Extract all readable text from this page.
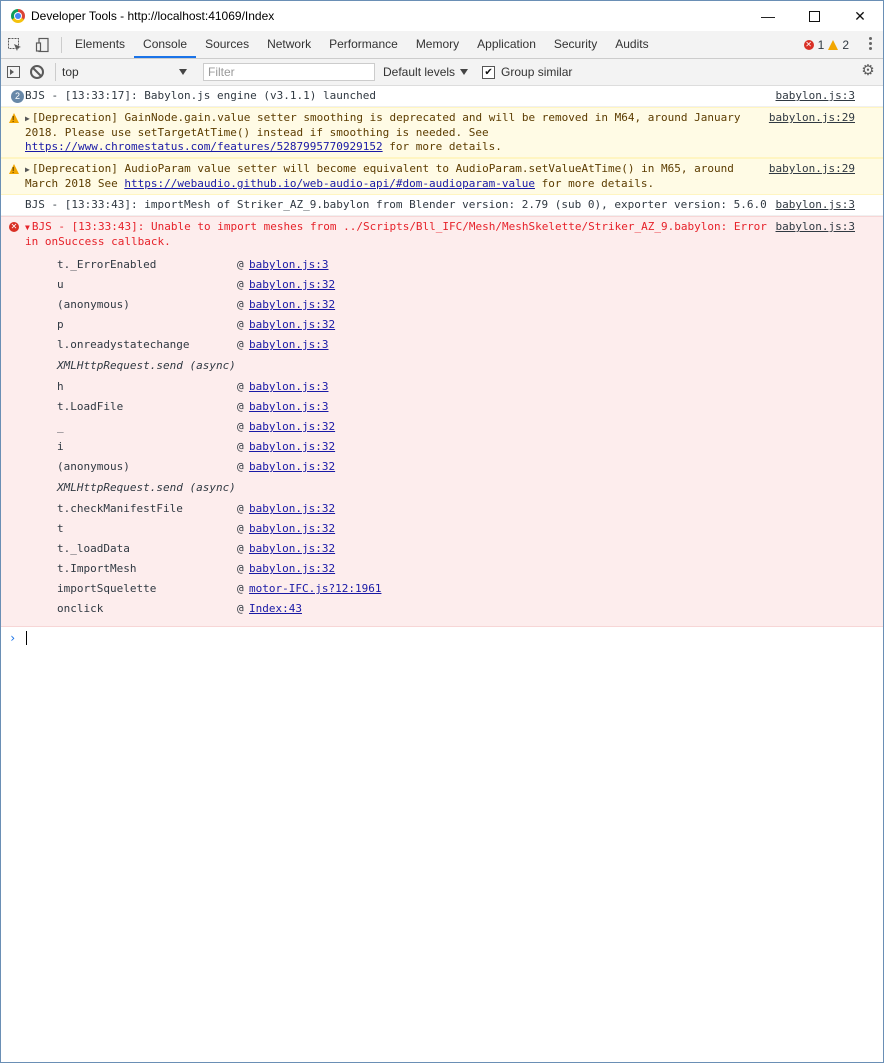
Developer Tools - http://localhost:41069/Index	—	✕
Elements	Console	Sources	Network	Performance	Memory	Application	Security	Audits	✕ 1 2
top
Filter	Default levels	✔ Group similar	⚙
2 BJS - [13:33:17]: Babylon.js engine (v3.1.1) launched	babylon.js:3
!
▶ [Deprecation] GainNode.gain.value setter smoothing is deprecated and will be removed in M64, around January 2018. Please use setTargetAtTime() instead if smoothing is needed. See https://www.chromestatus.com/features/5287995770929152 for more details.
babylon.js:29
!
▶ [Deprecation] AudioParam value setter will become equivalent to AudioParam.setValueAtTime() in M65, around March 2018 See https://webaudio.github.io/web-audio-api/#dom-audioparam-value for more details.
babylon.js:29
BJS - [13:33:43]: importMesh of Striker_AZ_9.babylon from Blender version: 2.79 (sub 0), exporter version: 5.6.0 babylon.js:3
✕ ▼ BJS - [13:33:43]: Unable to import meshes from ../Scripts/Bll_IFC/Mesh/MeshSkelette/Striker_AZ_9.babylon: Error in onSuccess callback.
babylon.js:3
t._ErrorEnabled	@ babylon.js:3
u	@ babylon.js:32
(anonymous)	@ babylon.js:32
p	@ babylon.js:32
l.onreadystatechange	@ babylon.js:3
XMLHttpRequest.send (async)
h	@ babylon.js:3
t.LoadFile	@ babylon.js:3
_	@ babylon.js:32
i	@ babylon.js:32
(anonymous)	@ babylon.js:32
XMLHttpRequest.send (async)
t.checkManifestFile	@ babylon.js:32
t	@ babylon.js:32
t._loadData	@ babylon.js:32
t.ImportMesh	@ babylon.js:32
importSquelette	@ motor-IFC.js?12:1961
onclick	@ Index:43
›
